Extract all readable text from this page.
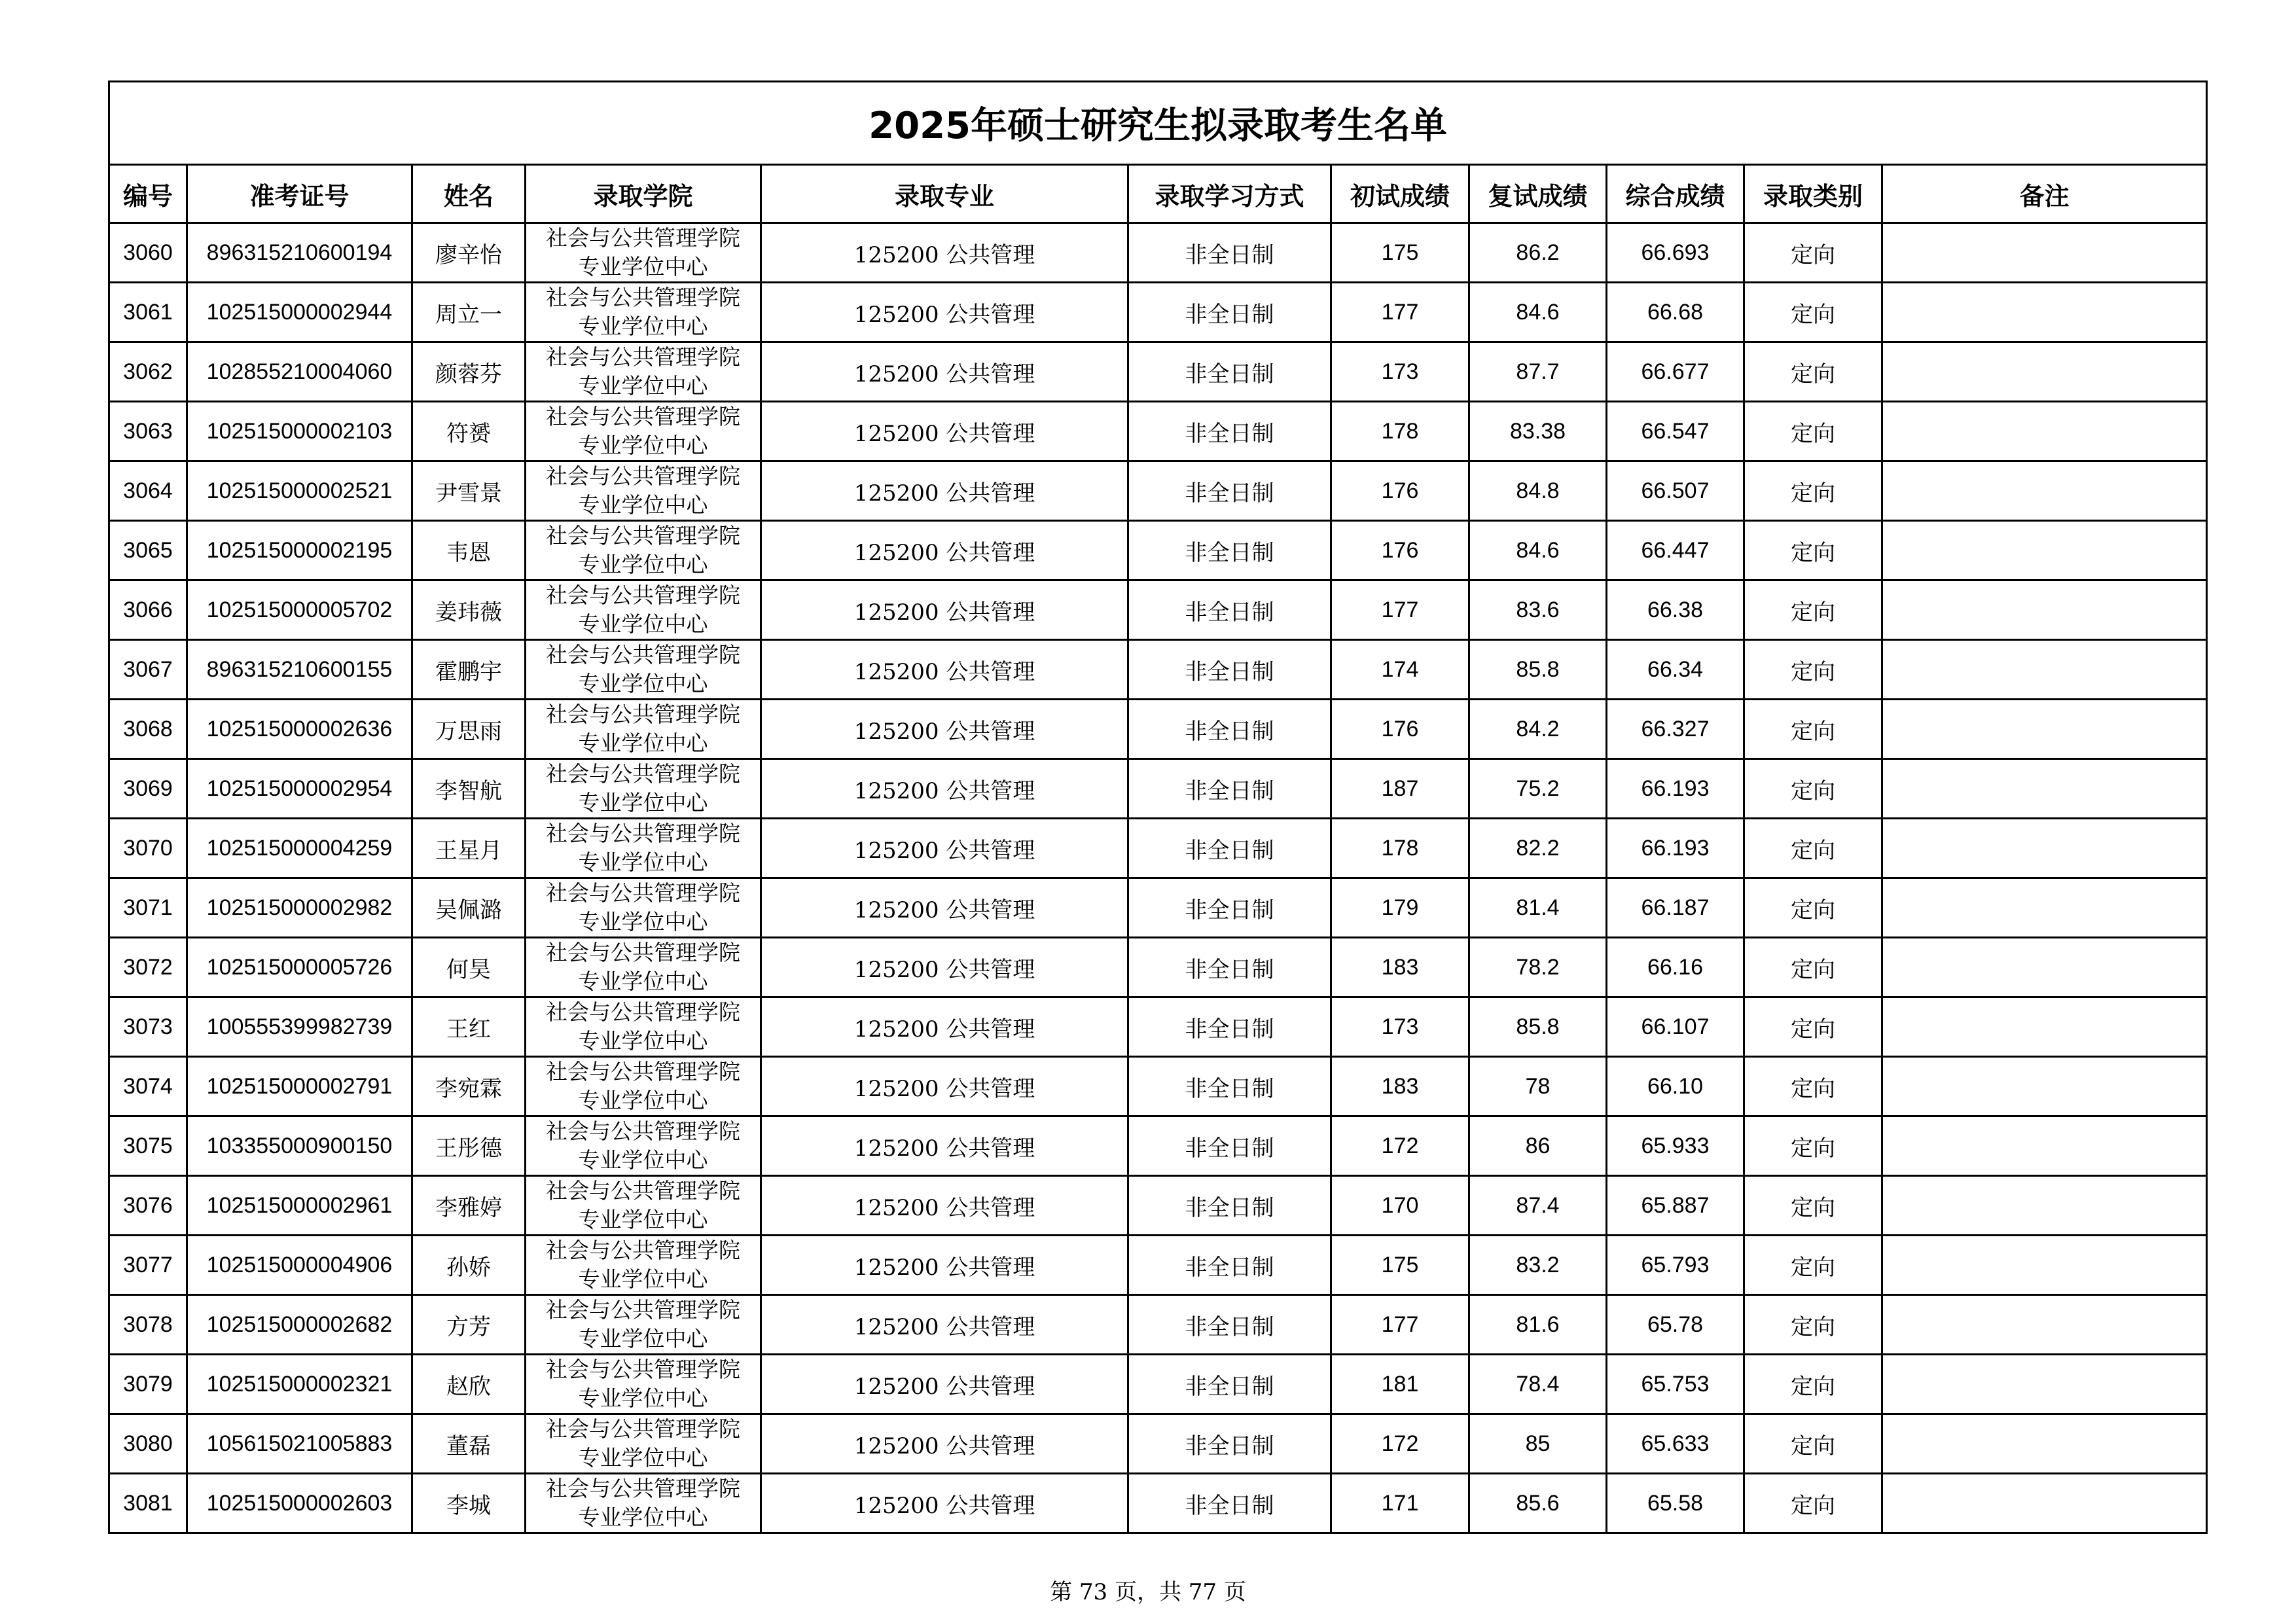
2025年硕士研究生拟录取考生名单										
编号	准考证号	姓名	录取学院	录取专业	录取学习方式	初试成绩	复试成绩	综合成绩	录取类别	备注
3060	896315210600194	廖辛怡	社会与公共管理学院
专业学位中心	125200 公共管理	非全日制	175	86.2	66.693	定向	
3061	102515000002944	周立一	社会与公共管理学院
专业学位中心	125200 公共管理	非全日制	177	84.6	66.68	定向	
3062	102855210004060	颜蓉芬	社会与公共管理学院
专业学位中心	125200 公共管理	非全日制	173	87.7	66.677	定向	
3063	102515000002103	符赟	社会与公共管理学院
专业学位中心	125200 公共管理	非全日制	178	83.38	66.547	定向	
3064	102515000002521	尹雪景	社会与公共管理学院
专业学位中心	125200 公共管理	非全日制	176	84.8	66.507	定向	
3065	102515000002195	韦恩	社会与公共管理学院
专业学位中心	125200 公共管理	非全日制	176	84.6	66.447	定向	
3066	102515000005702	姜玮薇	社会与公共管理学院
专业学位中心	125200 公共管理	非全日制	177	83.6	66.38	定向	
3067	896315210600155	霍鹏宇	社会与公共管理学院
专业学位中心	125200 公共管理	非全日制	174	85.8	66.34	定向	
3068	102515000002636	万思雨	社会与公共管理学院
专业学位中心	125200 公共管理	非全日制	176	84.2	66.327	定向	
3069	102515000002954	李智航	社会与公共管理学院
专业学位中心	125200 公共管理	非全日制	187	75.2	66.193	定向	
3070	102515000004259	王星月	社会与公共管理学院
专业学位中心	125200 公共管理	非全日制	178	82.2	66.193	定向	
3071	102515000002982	吴佩潞	社会与公共管理学院
专业学位中心	125200 公共管理	非全日制	179	81.4	66.187	定向	
3072	102515000005726	何昊	社会与公共管理学院
专业学位中心	125200 公共管理	非全日制	183	78.2	66.16	定向	
3073	100555399982739	王红	社会与公共管理学院
专业学位中心	125200 公共管理	非全日制	173	85.8	66.107	定向	
3074	102515000002791	李宛霖	社会与公共管理学院
专业学位中心	125200 公共管理	非全日制	183	78	66.10	定向	
3075	103355000900150	王彤德	社会与公共管理学院
专业学位中心	125200 公共管理	非全日制	172	86	65.933	定向	
3076	102515000002961	李雅婷	社会与公共管理学院
专业学位中心	125200 公共管理	非全日制	170	87.4	65.887	定向	
3077	102515000004906	孙娇	社会与公共管理学院
专业学位中心	125200 公共管理	非全日制	175	83.2	65.793	定向	
3078	102515000002682	方芳	社会与公共管理学院
专业学位中心	125200 公共管理	非全日制	177	81.6	65.78	定向	
3079	102515000002321	赵欣	社会与公共管理学院
专业学位中心	125200 公共管理	非全日制	181	78.4	65.753	定向	
3080	105615021005883	董磊	社会与公共管理学院
专业学位中心	125200 公共管理	非全日制	172	85	65.633	定向	
3081	102515000002603	李城	社会与公共管理学院
专业学位中心	125200 公共管理	非全日制	171	85.6	65.58	定向	
第 73 页，共 77 页
